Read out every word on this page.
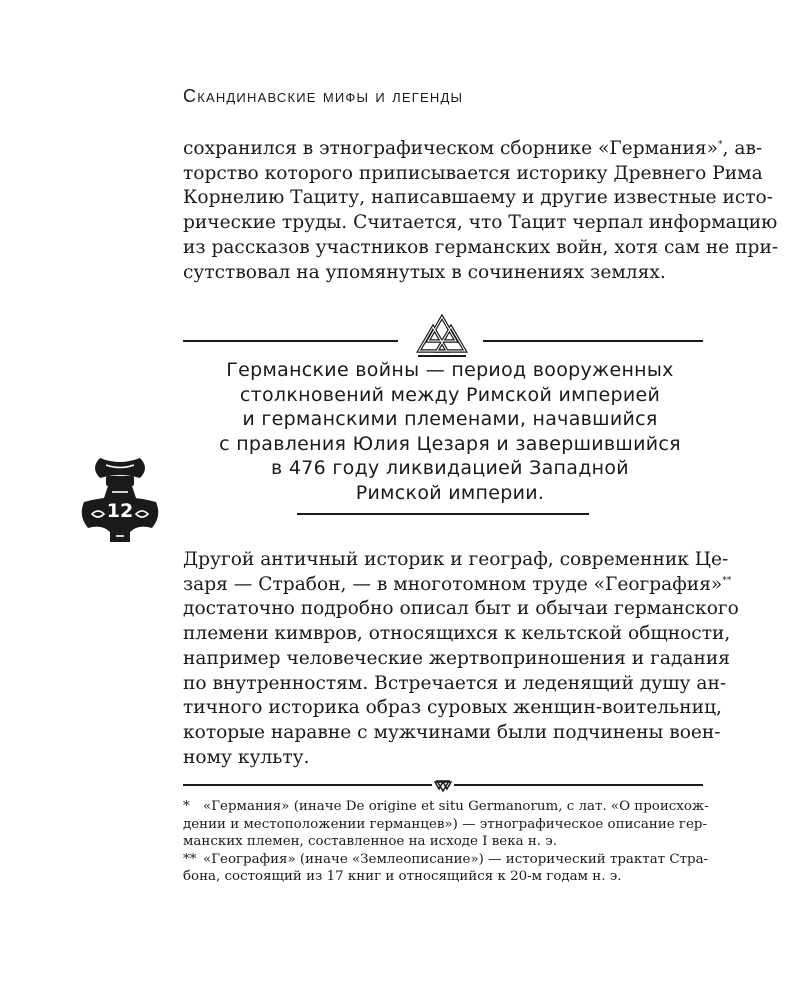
Скандинавские мифы и легенды

сохранился в этнографическом сборнике «Германия»*, ав-
торство которого приписывается историку Древнего Рима
Корнелию Тациту, написавшаему и другие известные исто-
рические труды. Считается, что Тацит черпал информацию
из рассказов участников германских войн, хотя сам не при-
сутствовал на упомянутых в сочинениях землях.

Германские войны — период вооруженных
столкновений между Римской империей
и германскими племенами, начавшийся
с правления Юлия Цезаря и завершившийся
в 476 году ликвидацией Западной
Римской империи.
12

Другой античный историк и географ, современник Це-
заря — Страбон, — в многотомном труде «География»**
достаточно подробно описал быт и обычаи германского
племени кимвров, относящихся к кельтской общности,
например человеческие жертвоприношения и гадания
по внутренностям. Встречается и леденящий душу ан-
тичного историка образ суровых женщин-воительниц,
которые наравне с мужчинами были подчинены воен-
ному культу.

* «Германия» (иначе De origine et situ Germanorum, с лат. «О происхож-
дении и местоположении германцев») — этнографическое описание гер-
манских племен, составленное на исходе I века н. э.
** «География» (иначе «Землеописание») — исторический трактат Стра-
бона, состоящий из 17 книг и относящийся к 20-м годам н. э.
